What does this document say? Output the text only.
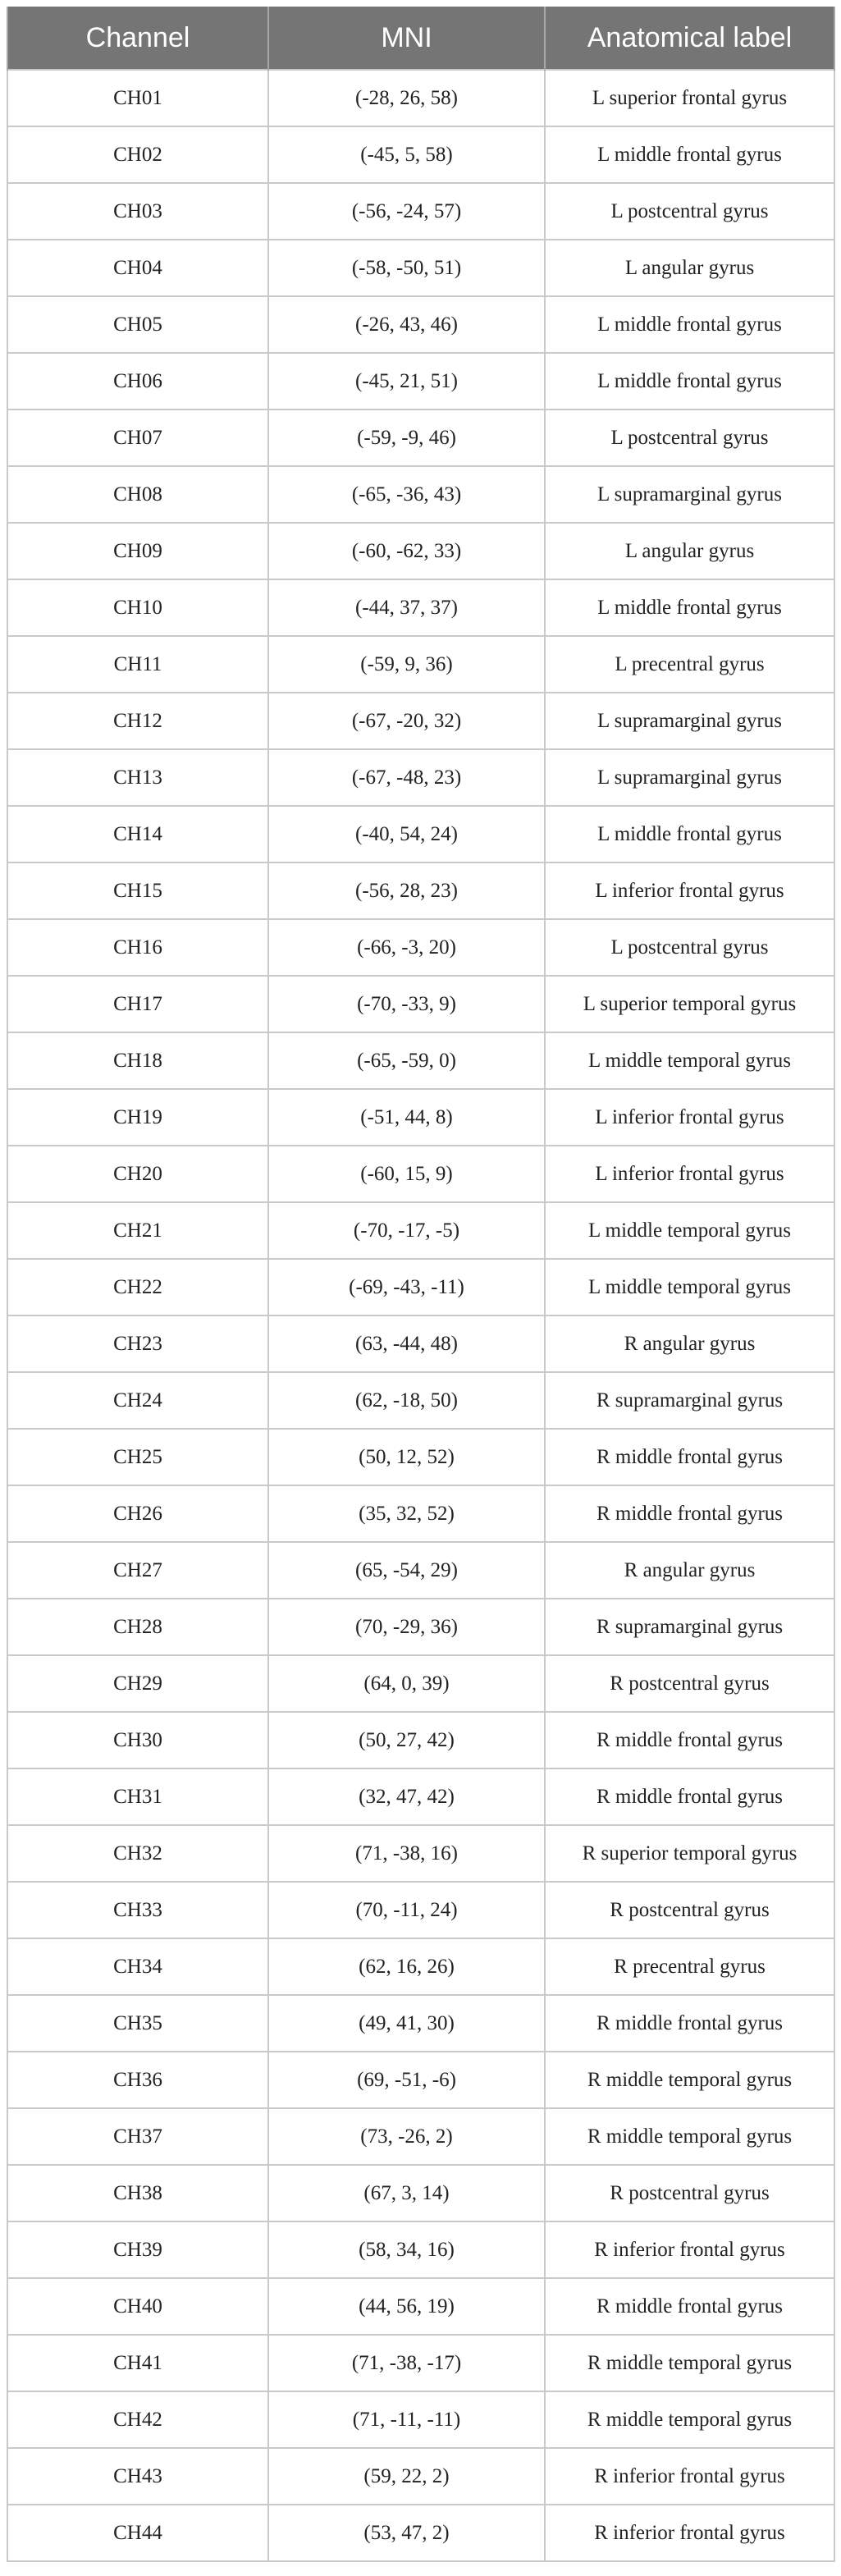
Channel	MNI	Anatomical label
CH01	(-28, 26, 58)	L superior frontal gyrus
CH02	(-45, 5, 58)	L middle frontal gyrus
CH03	(-56, -24, 57)	L postcentral gyrus
CH04	(-58, -50, 51)	L angular gyrus
CH05	(-26, 43, 46)	L middle frontal gyrus
CH06	(-45, 21, 51)	L middle frontal gyrus
CH07	(-59, -9, 46)	L postcentral gyrus
CH08	(-65, -36, 43)	L supramarginal gyrus
CH09	(-60, -62, 33)	L angular gyrus
CH10	(-44, 37, 37)	L middle frontal gyrus
CH11	(-59, 9, 36)	L precentral gyrus
CH12	(-67, -20, 32)	L supramarginal gyrus
CH13	(-67, -48, 23)	L supramarginal gyrus
CH14	(-40, 54, 24)	L middle frontal gyrus
CH15	(-56, 28, 23)	L inferior frontal gyrus
CH16	(-66, -3, 20)	L postcentral gyrus
CH17	(-70, -33, 9)	L superior temporal gyrus
CH18	(-65, -59, 0)	L middle temporal gyrus
CH19	(-51, 44, 8)	L inferior frontal gyrus
CH20	(-60, 15, 9)	L inferior frontal gyrus
CH21	(-70, -17, -5)	L middle temporal gyrus
CH22	(-69, -43, -11)	L middle temporal gyrus
CH23	(63, -44, 48)	R angular gyrus
CH24	(62, -18, 50)	R supramarginal gyrus
CH25	(50, 12, 52)	R middle frontal gyrus
CH26	(35, 32, 52)	R middle frontal gyrus
CH27	(65, -54, 29)	R angular gyrus
CH28	(70, -29, 36)	R supramarginal gyrus
CH29	(64, 0, 39)	R postcentral gyrus
CH30	(50, 27, 42)	R middle frontal gyrus
CH31	(32, 47, 42)	R middle frontal gyrus
CH32	(71, -38, 16)	R superior temporal gyrus
CH33	(70, -11, 24)	R postcentral gyrus
CH34	(62, 16, 26)	R precentral gyrus
CH35	(49, 41, 30)	R middle frontal gyrus
CH36	(69, -51, -6)	R middle temporal gyrus
CH37	(73, -26, 2)	R middle temporal gyrus
CH38	(67, 3, 14)	R postcentral gyrus
CH39	(58, 34, 16)	R inferior frontal gyrus
CH40	(44, 56, 19)	R middle frontal gyrus
CH41	(71, -38, -17)	R middle temporal gyrus
CH42	(71, -11, -11)	R middle temporal gyrus
CH43	(59, 22, 2)	R inferior frontal gyrus
CH44	(53, 47, 2)	R inferior frontal gyrus
